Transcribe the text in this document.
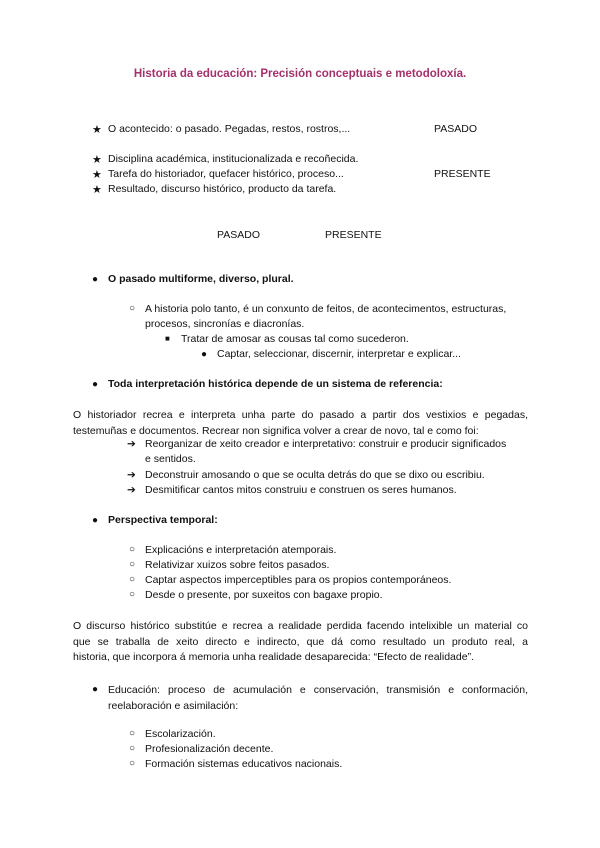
Historia da educación: Precisión conceptuais e metodoloxía.
★ O acontecido: o pasado. Pegadas, restos, rostros,...	PASADO
★ Disciplina académica, institucionalizada e recoñecida.
★ Tarefa do historiador, quefacer histórico, proceso...	PRESENTE
★ Resultado, discurso histórico, producto da tarefa.
PASADO	PRESENTE
● O pasado multiforme, diverso, plural.
○ A historia polo tanto, é un conxunto de feitos, de acontecimentos, estructuras,
procesos, sincronías e diacronías.
■ Tratar de amosar as cousas tal como sucederon.
● Captar, seleccionar, discernir, interpretar e explicar...
● Toda interpretación histórica depende de un sistema de referencia:
O historiador recrea e interpreta unha parte do pasado a partir dos vestixios e pegadas,
testemuñas e documentos. Recrear non significa volver a crear de novo, tal e como foi:
➔ Reorganizar de xeito creador e interpretativo: construir e producir significados
e sentidos.
➔ Deconstruir amosando o que se oculta detrás do que se dixo ou escribiu.
➔ Desmitificar cantos mitos construiu e construen os seres humanos.
● Perspectiva temporal:
○ Explicacións e interpretación atemporais.
○ Relativizar xuizos sobre feitos pasados.
○ Captar aspectos imperceptibles para os propios contemporáneos.
○ Desde o presente, por suxeitos con bagaxe propio.
O discurso histórico substitúe e recrea a realidade perdida facendo intelixible un material co
que se traballa de xeito directo e indirecto, que dá como resultado un produto real, a
historia, que incorpora á memoria unha realidade desaparecida: “Efecto de realidade”.
● Educación: proceso de acumulación e conservación, transmisión e conformación,
reelaboración e asimilación:
○ Escolarización.
○ Profesionalización decente.
○ Formación sistemas educativos nacionais.
